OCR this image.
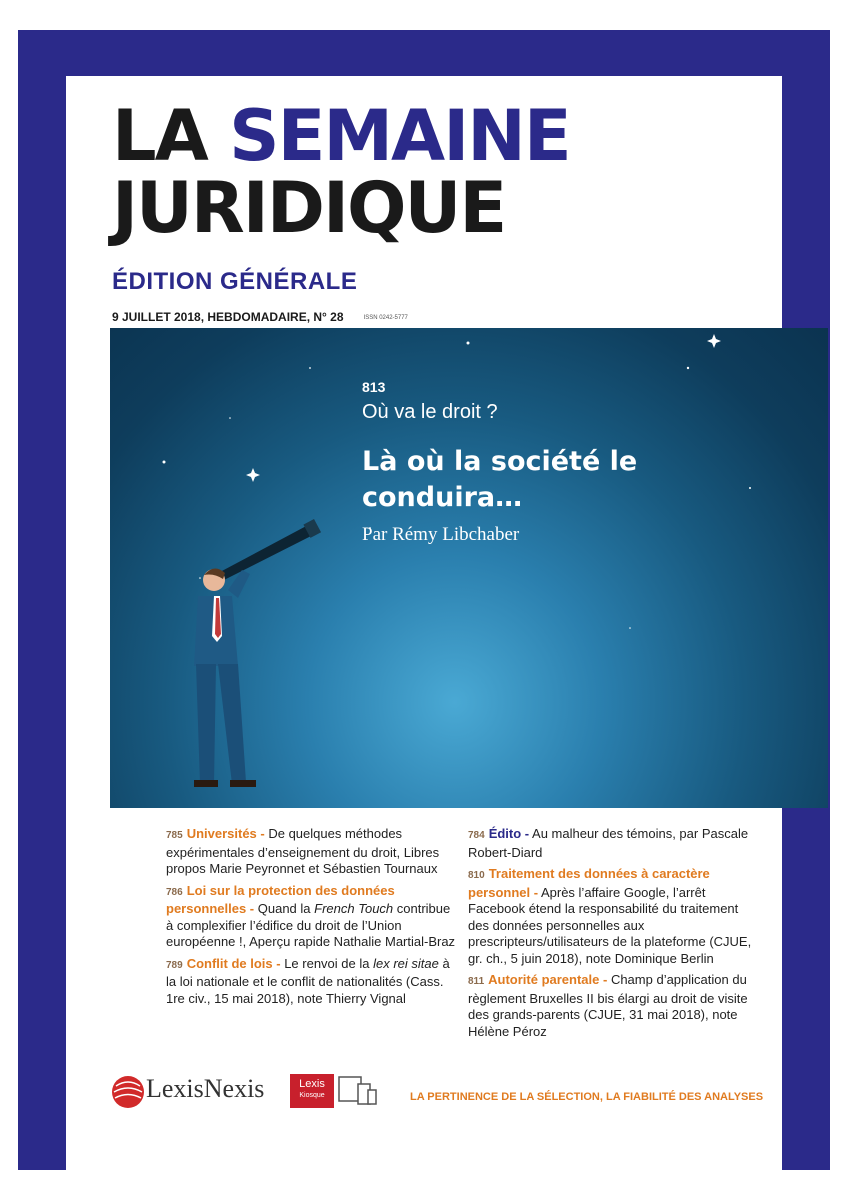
LA SEMAINE
JURIDIQUE
ÉDITION GÉNÉRALE
9 JUILLET 2018, HEBDOMADAIRE, N° 28	ISSN 0242-5777
813
Où va le droit ?
Là où la société le conduira…
Par Rémy Libchaber
785 Universités - De quelques méthodes expérimentales d’enseignement du droit, Libres propos Marie Peyronnet et Sébastien Tournaux
786 Loi sur la protection des données personnelles - Quand la French Touch contribue à complexifier l’édifice du droit de l’Union européenne !, Aperçu rapide Nathalie Martial-Braz
789 Conflit de lois - Le renvoi de la lex rei sitae à la loi nationale et le conflit de nationalités (Cass. 1re civ., 15 mai 2018), note Thierry Vignal
784 Édito - Au malheur des témoins, par Pascale Robert-Diard
810 Traitement des données à caractère personnel - Après l’affaire Google, l’arrêt Facebook étend la responsabilité du traitement des données personnelles aux prescripteurs/utilisateurs de la plateforme (CJUE, gr. ch., 5 juin 2018), note Dominique Berlin
811 Autorité parentale - Champ d’application du règlement Bruxelles II bis élargi au droit de visite des grands-parents (CJUE, 31 mai 2018), note Hélène Péroz
LexisNexis	Lexis
Kiosque	LA PERTINENCE DE LA SÉLECTION, LA FIABILITÉ DES ANALYSES
